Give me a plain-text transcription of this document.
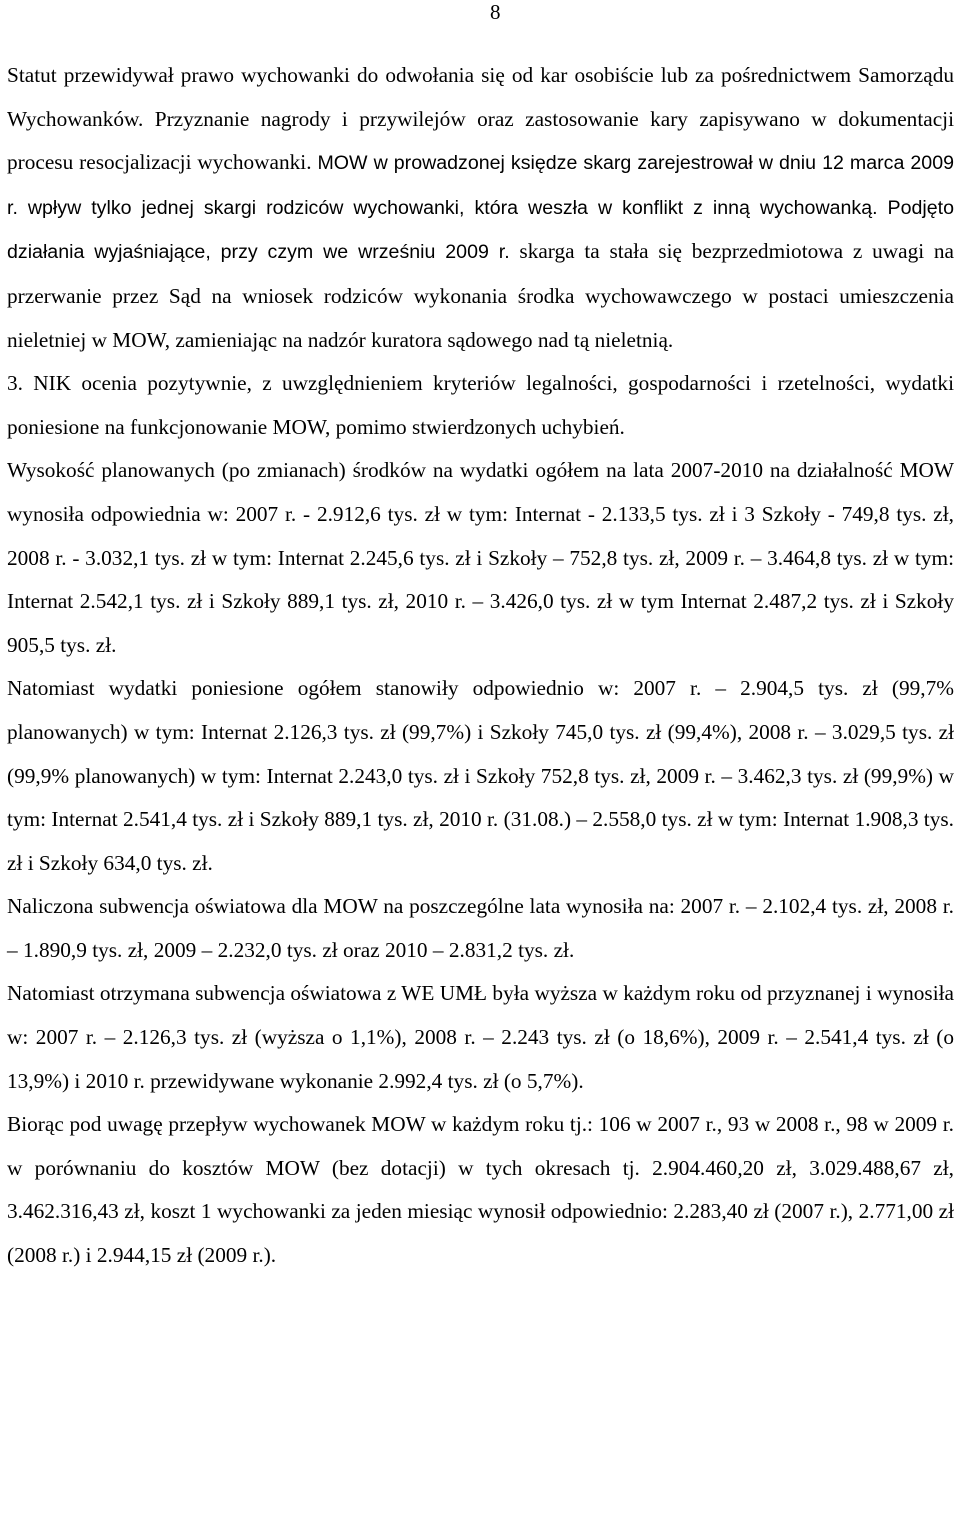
8

Statut przewidywał prawo wychowanki do odwołania się od kar osobiście lub za pośrednictwem Samorządu Wychowanków. Przyznanie nagrody i przywilejów oraz zastosowanie kary zapisywano w dokumentacji procesu resocjalizacji wychowanki. MOW w prowadzonej księdze skarg zarejestrował w dniu 12 marca 2009 r. wpływ tylko jednej skargi rodziców wychowanki, która weszła w konflikt z inną wychowanką. Podjęto działania wyjaśniające, przy czym we wrześniu 2009 r. skarga ta stała się bezprzedmiotowa z uwagi na przerwanie przez Sąd na wniosek rodziców wykonania środka wychowawczego w postaci umieszczenia nieletniej w MOW, zamieniając na nadzór kuratora sądowego nad tą nieletnią.

3. NIK ocenia pozytywnie, z uwzględnieniem kryteriów legalności, gospodarności i rzetelności, wydatki poniesione na funkcjonowanie MOW, pomimo stwierdzonych uchybień.

Wysokość planowanych (po zmianach) środków na wydatki ogółem na lata 2007-2010 na działalność MOW wynosiła odpowiednia w: 2007 r. - 2.912,6 tys. zł w tym: Internat - 2.133,5 tys. zł i 3 Szkoły - 749,8 tys. zł, 2008 r. - 3.032,1 tys. zł w tym: Internat 2.245,6 tys. zł i Szkoły – 752,8 tys. zł, 2009 r. – 3.464,8 tys. zł w tym: Internat 2.542,1 tys. zł i Szkoły 889,1 tys. zł, 2010 r. – 3.426,0 tys. zł w tym Internat 2.487,2 tys. zł i Szkoły 905,5 tys. zł.

Natomiast wydatki poniesione ogółem stanowiły odpowiednio w: 2007 r. – 2.904,5 tys. zł (99,7% planowanych) w tym: Internat 2.126,3 tys. zł (99,7%) i Szkoły 745,0 tys. zł (99,4%), 2008 r. – 3.029,5 tys. zł (99,9% planowanych) w tym: Internat 2.243,0 tys. zł i Szkoły 752,8 tys. zł, 2009 r. – 3.462,3 tys. zł (99,9%) w tym: Internat 2.541,4 tys. zł i Szkoły 889,1 tys. zł, 2010 r. (31.08.) – 2.558,0 tys. zł w tym: Internat 1.908,3 tys. zł i Szkoły 634,0 tys. zł.

Naliczona subwencja oświatowa dla MOW na poszczególne lata wynosiła na: 2007 r. – 2.102,4 tys. zł, 2008 r. – 1.890,9 tys. zł, 2009 – 2.232,0 tys. zł oraz 2010 – 2.831,2 tys. zł.

Natomiast otrzymana subwencja oświatowa z WE UMŁ była wyższa w każdym roku od przyznanej i wynosiła w: 2007 r. – 2.126,3 tys. zł (wyższa o 1,1%), 2008 r. – 2.243 tys. zł (o 18,6%), 2009 r. – 2.541,4 tys. zł (o 13,9%) i 2010 r. przewidywane wykonanie 2.992,4 tys. zł (o 5,7%).

Biorąc pod uwagę przepływ wychowanek MOW w każdym roku tj.: 106 w 2007 r., 93 w 2008 r., 98 w 2009 r. w porównaniu do kosztów MOW (bez dotacji) w tych okresach tj. 2.904.460,20 zł, 3.029.488,67 zł, 3.462.316,43 zł, koszt 1 wychowanki za jeden miesiąc wynosił odpowiednio: 2.283,40 zł (2007 r.), 2.771,00 zł (2008 r.) i 2.944,15 zł (2009 r.).
